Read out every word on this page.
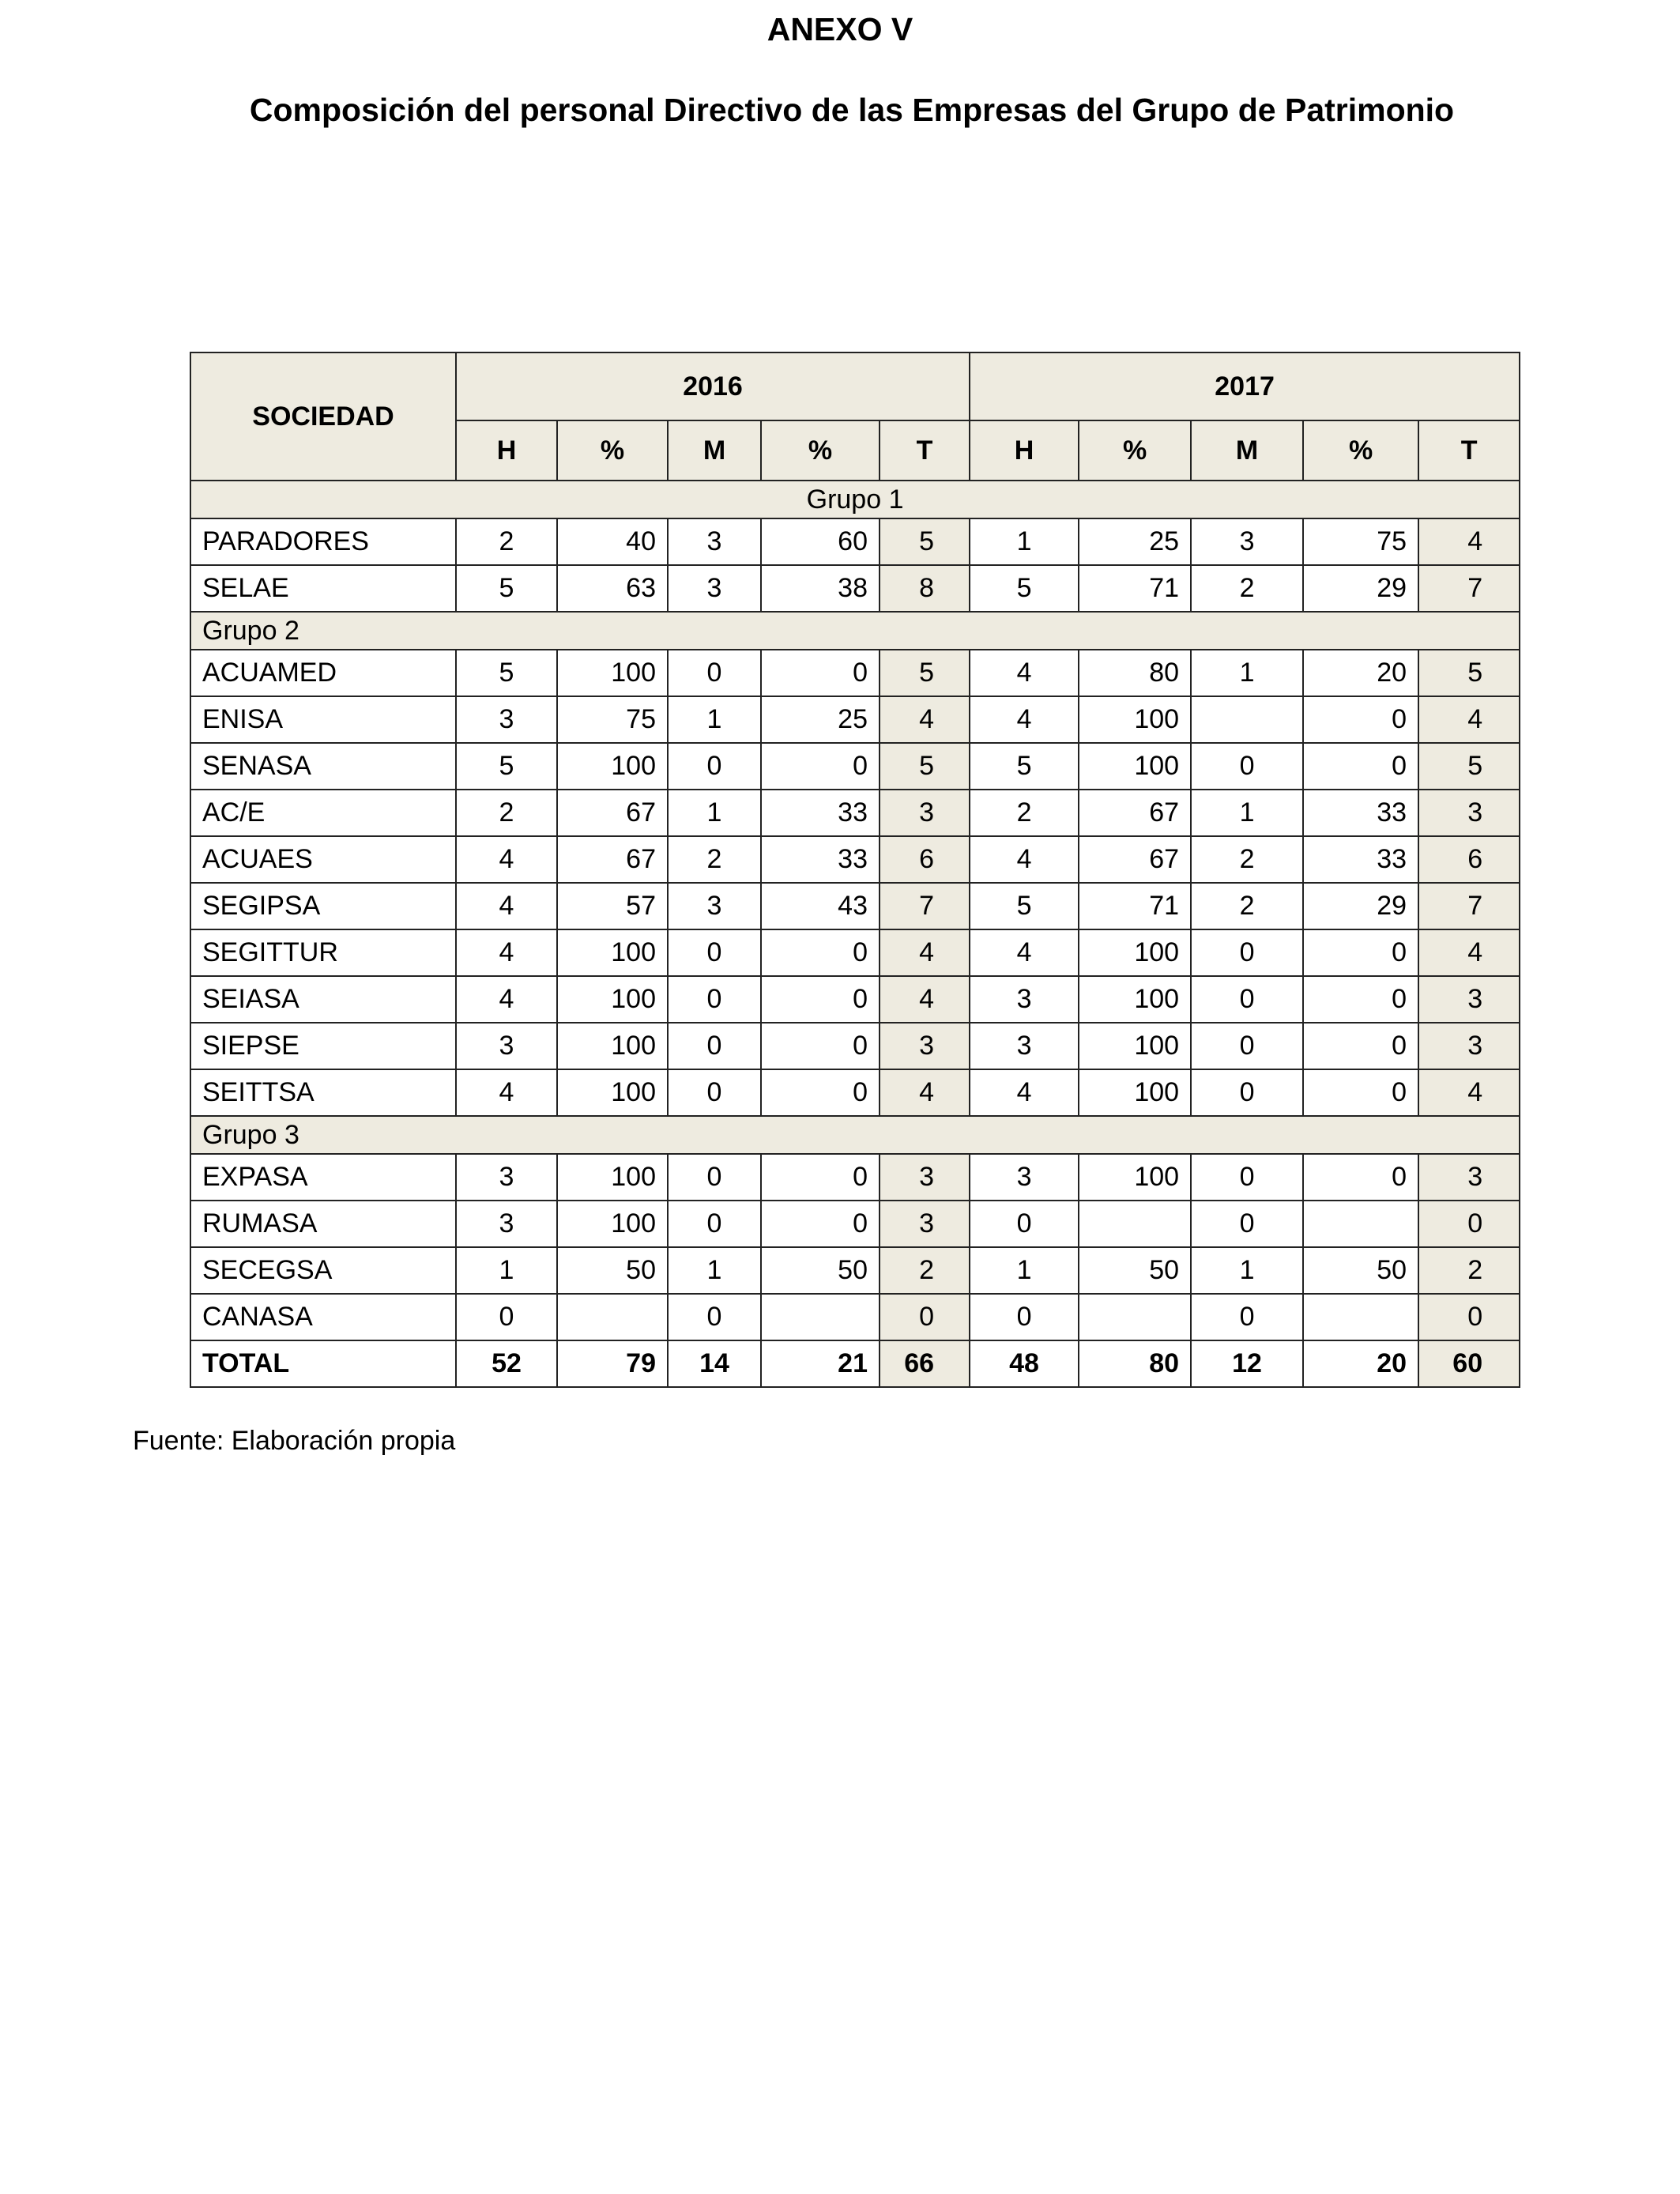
ANEXO V
Composición del personal Directivo de las Empresas del Grupo de Patrimonio
SOCIEDAD	2016					2017				
	H	%	M	%	T	H	%	M	%	T
Grupo 1										
PARADORES	2	40	3	60	5	1	25	3	75	4
SELAE	5	63	3	38	8	5	71	2	29	7
Grupo 2										
ACUAMED	5	100	0	0	5	4	80	1	20	5
ENISA	3	75	1	25	4	4	100		0	4
SENASA	5	100	0	0	5	5	100	0	0	5
AC/E	2	67	1	33	3	2	67	1	33	3
ACUAES	4	67	2	33	6	4	67	2	33	6
SEGIPSA	4	57	3	43	7	5	71	2	29	7
SEGITTUR	4	100	0	0	4	4	100	0	0	4
SEIASA	4	100	0	0	4	3	100	0	0	3
SIEPSE	3	100	0	0	3	3	100	0	0	3
SEITTSA	4	100	0	0	4	4	100	0	0	4
Grupo 3										
EXPASA	3	100	0	0	3	3	100	0	0	3
RUMASA	3	100	0	0	3	0		0		0
SECEGSA	1	50	1	50	2	1	50	1	50	2
CANASA	0		0		0	0		0		0
TOTAL	52	79	14	21	66	48	80	12	20	60
Fuente: Elaboración propia
